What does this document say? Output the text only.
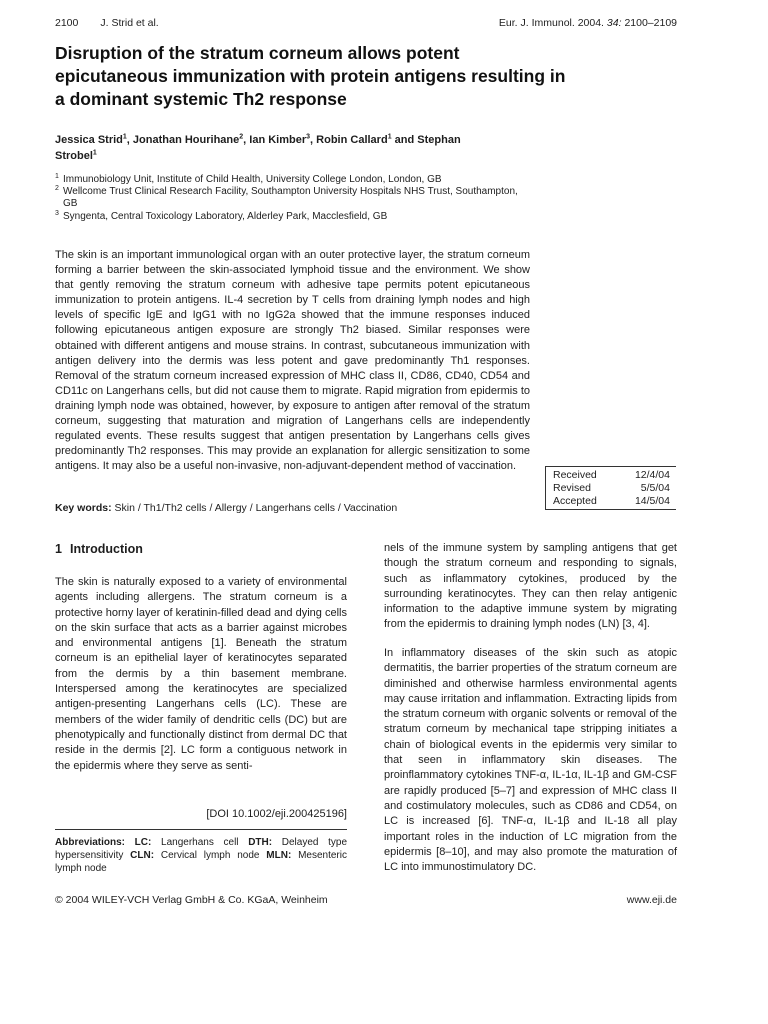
2100 J. Strid et al.	Eur. J. Immunol. 2004. 34: 2100–2109
Disruption of the stratum corneum allows potent epicutaneous immunization with protein antigens resulting in a dominant systemic Th2 response
Jessica Strid$^1$, Jonathan Hourihane$^2$, Ian Kimber$^3$, Robin Callard$^1$ and Stephan Strobel$^1$
1 Immunobiology Unit, Institute of Child Health, University College London, London, GB
2 Wellcome Trust Clinical Research Facility, Southampton University Hospitals NHS Trust, Southampton, GB
3 Syngenta, Central Toxicology Laboratory, Alderley Park, Macclesfield, GB
The skin is an important immunological organ with an outer protective layer, the stratum corneum forming a barrier between the skin-associated lymphoid tissue and the environment. We show that gently removing the stratum corneum with adhesive tape permits potent epicutaneous immunization to protein antigens. IL-4 secretion by T cells from draining lymph nodes and high levels of specific IgE and IgG1 with no IgG2a showed that the immune responses induced following epicutaneous antigen exposure are strongly Th2 biased. Similar responses were obtained with different antigens and mouse strains. In contrast, subcutaneous immunization with antigen delivery into the dermis was less potent and gave predominantly Th1 responses. Removal of the stratum corneum increased expression of MHC class II, CD86, CD40, CD54 and CD11c on Langerhans cells, but did not cause them to migrate. Rapid migration from epidermis to draining lymph node was obtained, however, by exposure to antigen after removal of the stratum corneum, suggesting that maturation and migration of Langerhans cells are independently regulated events. These results suggest that antigen presentation by Langerhans cells gives predominantly Th2 responses. This may provide an explanation for allergic sensitization to some antigens. It may also be a useful non-invasive, non-adjuvant-dependent method of vaccination.
Received	12/4/04
Revised	5/5/04
Accepted	14/5/04
Key words: Skin / Th1/Th2 cells / Allergy / Langerhans cells / Vaccination
1 Introduction
The skin is naturally exposed to a variety of environmental agents including allergens. The stratum corneum is a protective horny layer of keratinin-filled dead and dying cells on the skin surface that acts as a barrier against microbes and environmental antigens [1]. Beneath the stratum corneum is an epithelial layer of keratinocytes separated from the dermis by a thin basement membrane. Interspersed among the keratinocytes are specialized antigen-presenting Langerhans cells (LC). These are members of the wider family of dendritic cells (DC) but are phenotypically and functionally distinct from dermal DC that reside in the dermis [2]. LC form a contiguous network in the epidermis where they serve as senti-
nels of the immune system by sampling antigens that get though the stratum corneum and responding to signals, such as inflammatory cytokines, produced by the surrounding keratinocytes. They can then relay antigenic information to the adaptive immune system by migrating from the epidermis to draining lymph nodes (LN) [3, 4].
In inflammatory diseases of the skin such as atopic dermatitis, the barrier properties of the stratum corneum are diminished and otherwise harmless environmental agents may cause irritation and inflammation. Extracting lipids from the stratum corneum with organic solvents or removal of the stratum corneum by mechanical tape stripping initiates a chain of biological events in the epidermis very similar to that seen in inflammatory skin diseases. The proinflammatory cytokines TNF-α, IL-1α, IL-1β and GM-CSF are rapidly produced [5–7] and expression of MHC class II and costimulatory molecules, such as CD86 and CD54, on LC is increased [6]. TNF-α, IL-1β and IL-18 all play important roles in the induction of LC migration from the epidermis [8–10], and may also promote the maturation of LC into immunostimulatory DC.
[DOI 10.1002/eji.200425196]
Abbreviations: LC: Langerhans cell DTH: Delayed type hypersensitivity CLN: Cervical lymph node MLN: Mesenteric lymph node
© 2004 WILEY-VCH Verlag GmbH & Co. KGaA, Weinheim	www.eji.de
